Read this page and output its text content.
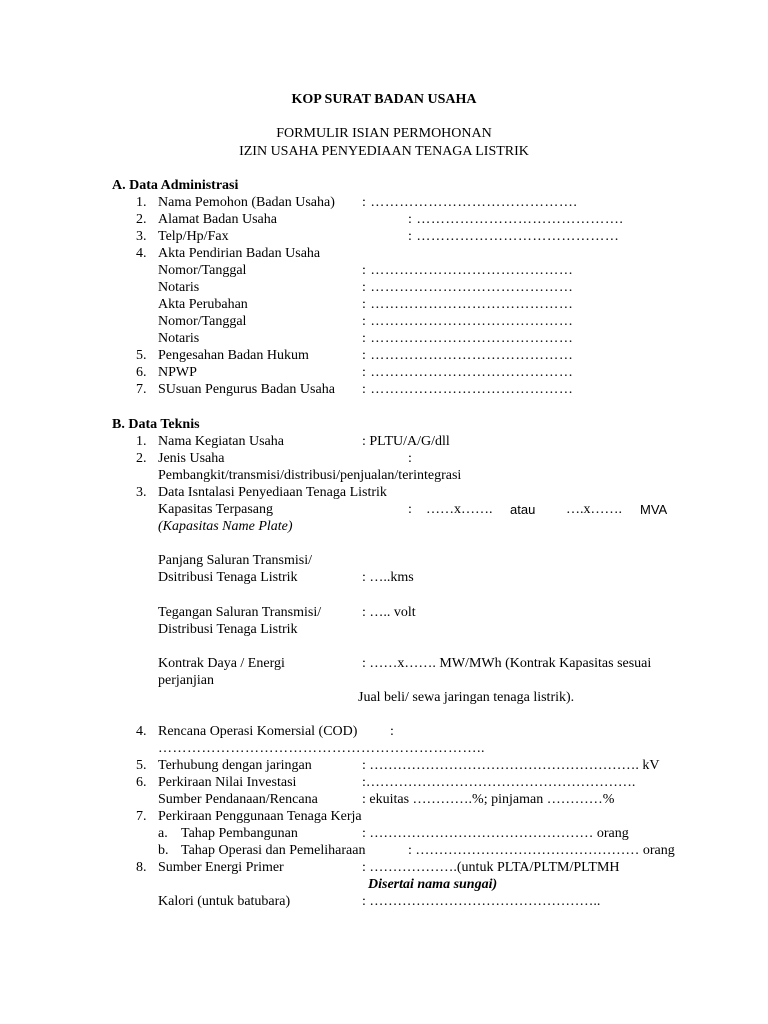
KOP SURAT BADAN USAHA
FORMULIR ISIAN PERMOHONAN
IZIN USAHA PENYEDIAAN TENAGA LISTRIK
A. Data Administrasi
1. Nama Pemohon (Badan Usaha) : …………………………………….
2. Alamat Badan Usaha	: …………………………………….
3. Telp/Hp/Fax	: ……………………………………
4. Akta Pendirian Badan Usaha
Nomor/Tanggal	: ……………………………………
Notaris	: ……………………………………
Akta Perubahan	: ……………………………………
Nomor/Tanggal	: ……………………………………
Notaris	: ……………………………………
5. Pengesahan Badan Hukum	: ……………………………………
6. NPWP	: ……………………………………
7. SUsuan Pengurus Badan Usaha : ……………………………………
B. Data Teknis
1. Nama Kegiatan Usaha	: PLTU/A/G/dll
2. Jenis Usaha	:
Pembangkit/transmisi/distribusi/penjualan/terintegrasi
3. Data Isntalasi Penyediaan Tenaga Listrik
Kapasitas Terpasang	: ……x……. atau ….x……. MVA
(Kapasitas Name Plate)
Panjang Saluran Transmisi/
Dsitribusi Tenaga Listrik	: …..kms
Tegangan Saluran Transmisi/
Distribusi Tenaga Listrik
: ….. volt
Kontrak Daya / Energi
perjanjian
: ……x……. MW/MWh (Kontrak Kapasitas sesuai
Jual beli/ sewa jaringan tenaga listrik).
4. Rencana Operasi Komersial (COD) :
…………………………………………………………..
5. Terhubung dengan jaringan	: …………………………………………………. kV
6. Perkiraan Nilai Investasi	:………………………………………………….
Sumber Pendanaan/Rencana	: ekuitas ………….%; pinjaman …………%
7. Perkiraan Penggunaan Tenaga Kerja
a. Tahap Pembangunan	: ………………………………………… orang
b. Tahap Operasi dan Pemeliharaan	: ………………………………………… orang
8. Sumber Energi Primer	: ……………….(untuk PLTA/PLTM/PLTMH
Disertai nama sungai)
Kalori (untuk batubara)	: …………………………………………..
